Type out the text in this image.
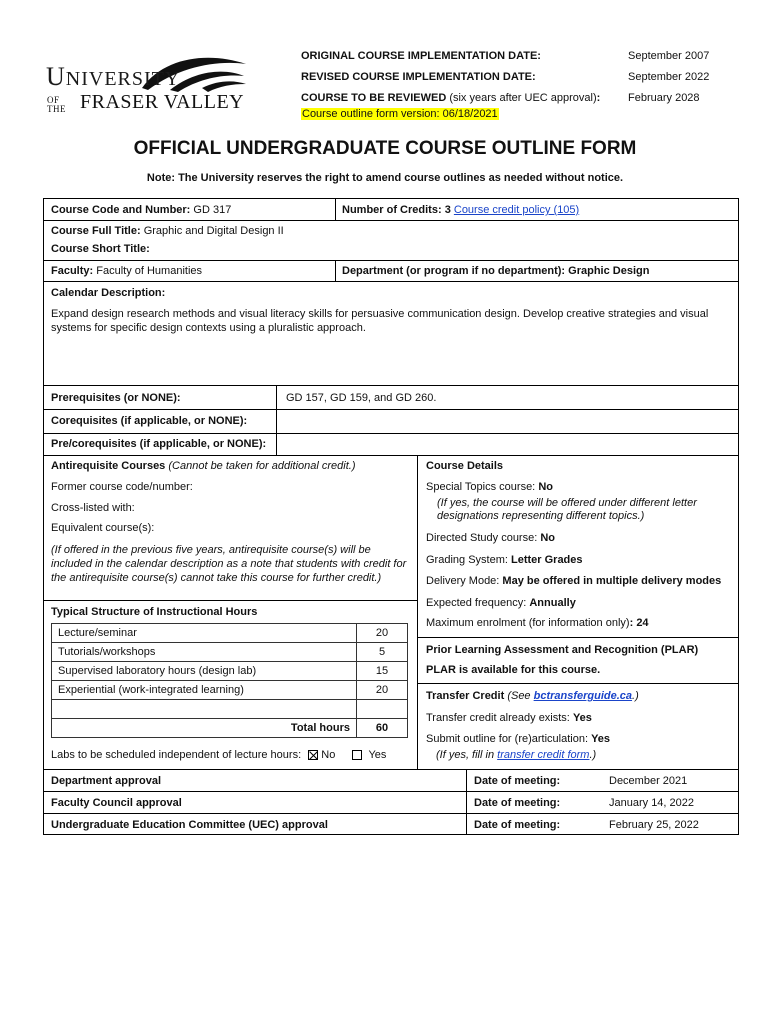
UNIVERSITY
OF
THE FRASER VALLEY
ORIGINAL COURSE IMPLEMENTATION DATE:	September 2007
REVISED COURSE IMPLEMENTATION DATE:	September 2022
COURSE TO BE REVIEWED (six years after UEC approval):	February 2028
Course outline form version: 06/18/2021
OFFICIAL UNDERGRADUATE COURSE OUTLINE FORM
Note: The University reserves the right to amend course outlines as needed without notice.
Course Code and Number: GD 317	Number of Credits: 3 Course credit policy (105)
Course Full Title: Graphic and Digital Design II
Course Short Title:
Faculty: Faculty of Humanities	Department (or program if no department): Graphic Design
Calendar Description:
Expand design research methods and visual literacy skills for persuasive communication design. Develop creative strategies and visual systems for specific design contexts using a pluralistic approach.
Prerequisites (or NONE):	GD 157, GD 159, and GD 260.
Corequisites (if applicable, or NONE):
Pre/corequisites (if applicable, or NONE):
Antirequisite Courses (Cannot be taken for additional credit.)
Former course code/number:
Cross-listed with:
Equivalent course(s):
(If offered in the previous five years, antirequisite course(s) will be included in the calendar description as a note that students with credit for the antirequisite course(s) cannot take this course for further credit.)
Typical Structure of Instructional Hours
Lecture/seminar	20
Tutorials/workshops	5
Supervised laboratory hours (design lab)	15
Experiential (work-integrated learning)	20

Total hours	60
Labs to be scheduled independent of lecture hours: No	Yes
Course Details
Special Topics course: No
(If yes, the course will be offered under different letter designations representing different topics.)
Directed Study course: No
Grading System: Letter Grades
Delivery Mode: May be offered in multiple delivery modes
Expected frequency: Annually
Maximum enrolment (for information only): 24
Prior Learning Assessment and Recognition (PLAR)
PLAR is available for this course.
Transfer Credit (See bctransferguide.ca.)
Transfer credit already exists: Yes
Submit outline for (re)articulation: Yes
(If yes, fill in transfer credit form.)
Department approval	Date of meeting:	December 2021
Faculty Council approval	Date of meeting:	January 14, 2022
Undergraduate Education Committee (UEC) approval	Date of meeting:	February 25, 2022
